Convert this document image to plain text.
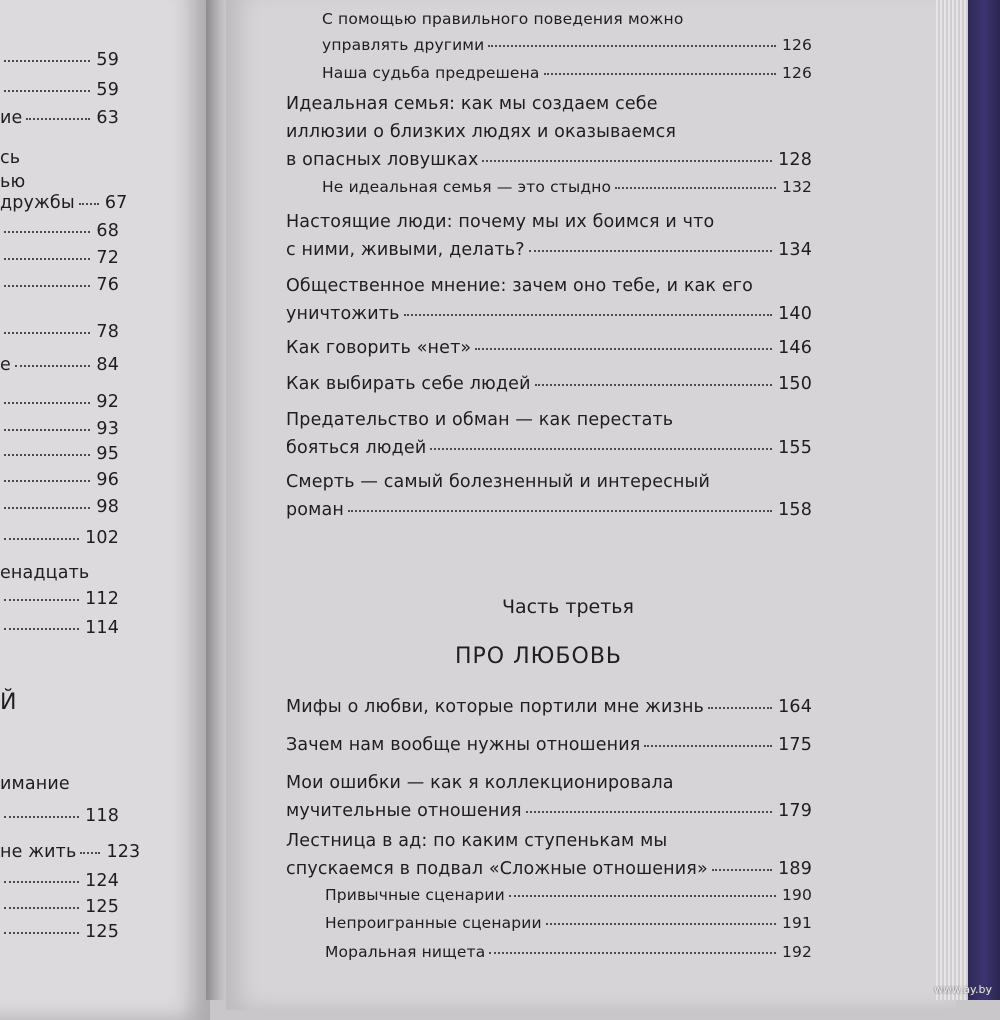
59
59
ие	63
сь
ью
дружбы 67
68
72
76
78
е	84
92
93
95
96
98
102
енадцать
112
114
Й
имание
118
не жить 123
124
125
125
С помощью правильного поведения можно
управлять другими	126
Наша судьба предрешена	126
Идеальная семья: как мы создаем себе
иллюзии о близких людях и оказываемся
в опасных ловушках	128
Не идеальная семья — это стыдно	132
Настоящие люди: почему мы их боимся и что
с ними, живыми, делать?	134
Общественное мнение: зачем оно тебе, и как его
уничтожить	140
Как говорить «нет»	146
Как выбирать себе людей	150
Предательство и обман — как перестать
бояться людей	155
Смерть — самый болезненный и интересный
роман	158
Мифы о любви, которые портили мне жизнь	164
Зачем нам вообще нужны отношения	175
Мои ошибки — как я коллекционировала
мучительные отношения	179
Лестница в ад: по каким ступенькам мы
спускаемся в подвал «Сложные отношения»	189
Привычные сценарии	190
Непроигранные сценарии	191
Моральная нищета	192
Часть третья
ПРО ЛЮБОВЬ
www.ay.by
